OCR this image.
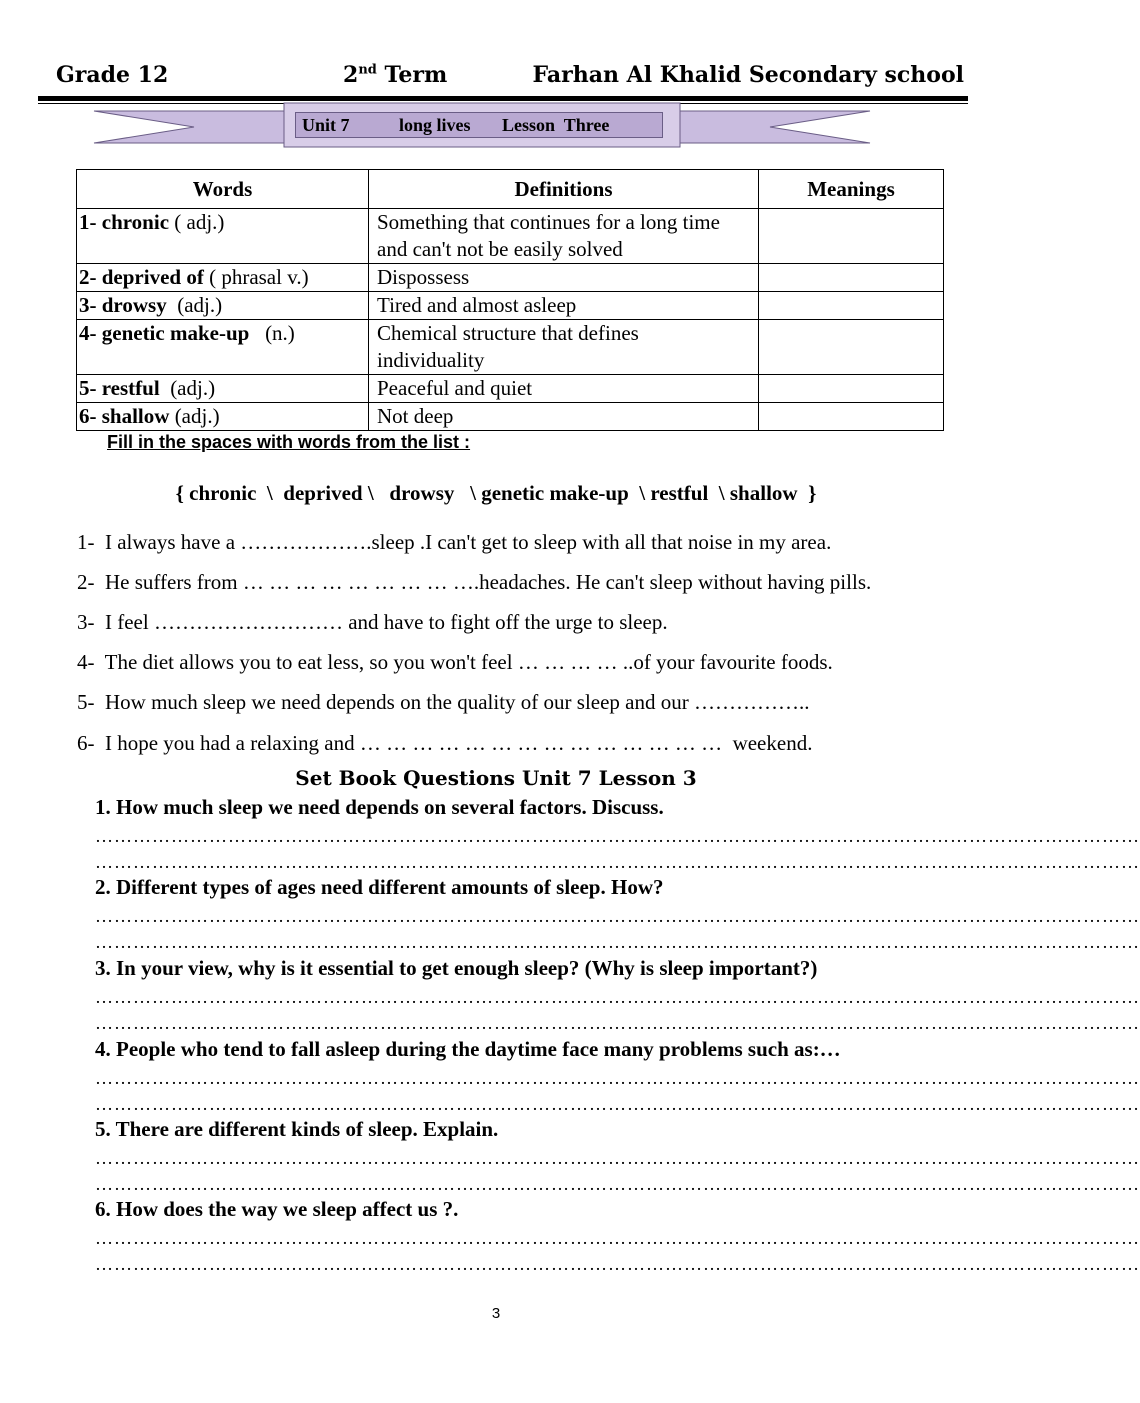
Grade 12	2nd Term	Farhan Al Khalid Secondary school
Unit 7	long lives Lesson  Three
Words	Definitions	Meanings
1- chronic ( adj.)	Something that continues for a long time and can't not be easily solved	
2- deprived of ( phrasal v.)	Dispossess	
3- drowsy  (adj.)	Tired and almost asleep	
4- genetic make-up   (n.)	Chemical structure that defines individuality	
5- restful  (adj.)	Peaceful and quiet	
6- shallow (adj.)	Not deep	
Fill in the spaces with words from the list :
{ chronic  \  deprived \   drowsy   \ genetic make-up  \ restful  \ shallow  }
1-  I always have a ……………….sleep .I can't get to sleep with all that noise in my area.
2-  He suffers from … … … … … … … … ….headaches. He can't sleep without having pills.
3-  I feel ……………………… and have to fight off the urge to sleep.
4-  The diet allows you to eat less, so you won't feel … … … … ..of your favourite foods.
5-  How much sleep we need depends on the quality of our sleep and our ……………..
6-  I hope you had a relaxing and … … … … … … … … … … … … … …  weekend.
Set Book Questions Unit 7 Lesson 3
1. How much sleep we need depends on several factors. Discuss.
…………………………………………………………………………………………………………………………………………………
…………………………………………………………………………………………………………………………………………………
2. Different types of ages need different amounts of sleep. How?
…………………………………………………………………………………………………………………………………………………
…………………………………………………………………………………………………………………………………………………
3. In your view, why is it essential to get enough sleep? (Why is sleep important?)
…………………………………………………………………………………………………………………………………………………
…………………………………………………………………………………………………………………………………………………
4. People who tend to fall asleep during the daytime face many problems such as:…
…………………………………………………………………………………………………………………………………………………
…………………………………………………………………………………………………………………………………………………
5. There are different kinds of sleep. Explain.
…………………………………………………………………………………………………………………………………………………
…………………………………………………………………………………………………………………………………………………
6. How does the way we sleep affect us ?.
…………………………………………………………………………………………………………………………………………………
…………………………………………………………………………………………………………………………………………………
3
